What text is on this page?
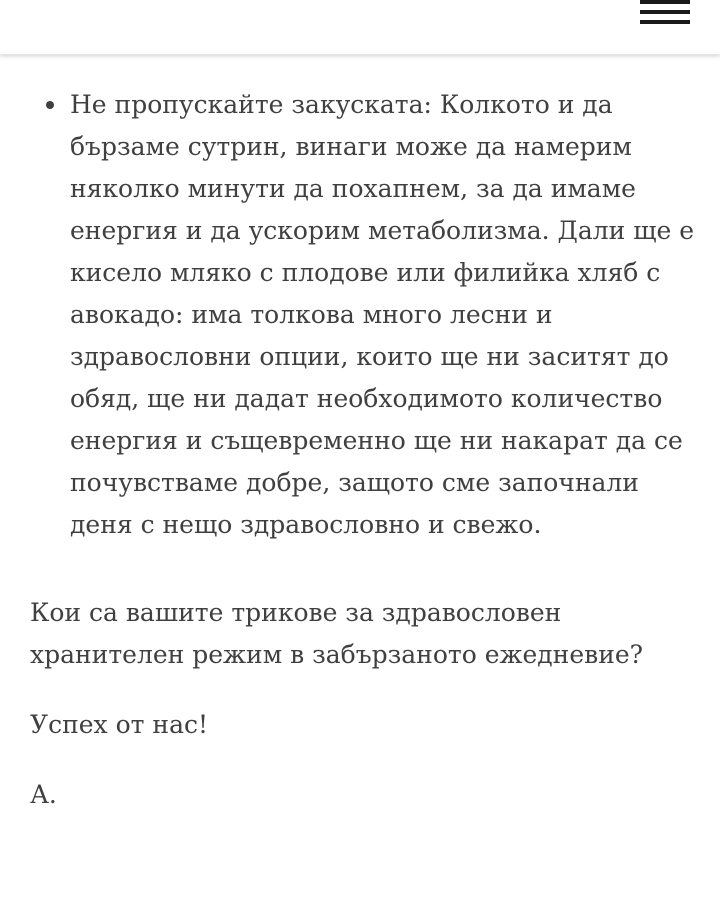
Не пропускайте закуската: Колкото и да бързаме сутрин, винаги може да намерим няколко минути да похапнем, за да имаме енергия и да ускорим метаболизма. Дали ще е кисело мляко с плодове или филийка хляб с авокадо: има толкова много лесни и здравословни опции, които ще ни заситят до обяд, ще ни дадат необходимото количество енергия и същевременно ще ни накарат да се почувстваме добре, защото сме започнали деня с нещо здравословно и свежо.

Кои са вашите трикове за здравословен хранителен режим в забързаното ежедневие?

Успех от нас!

А.
